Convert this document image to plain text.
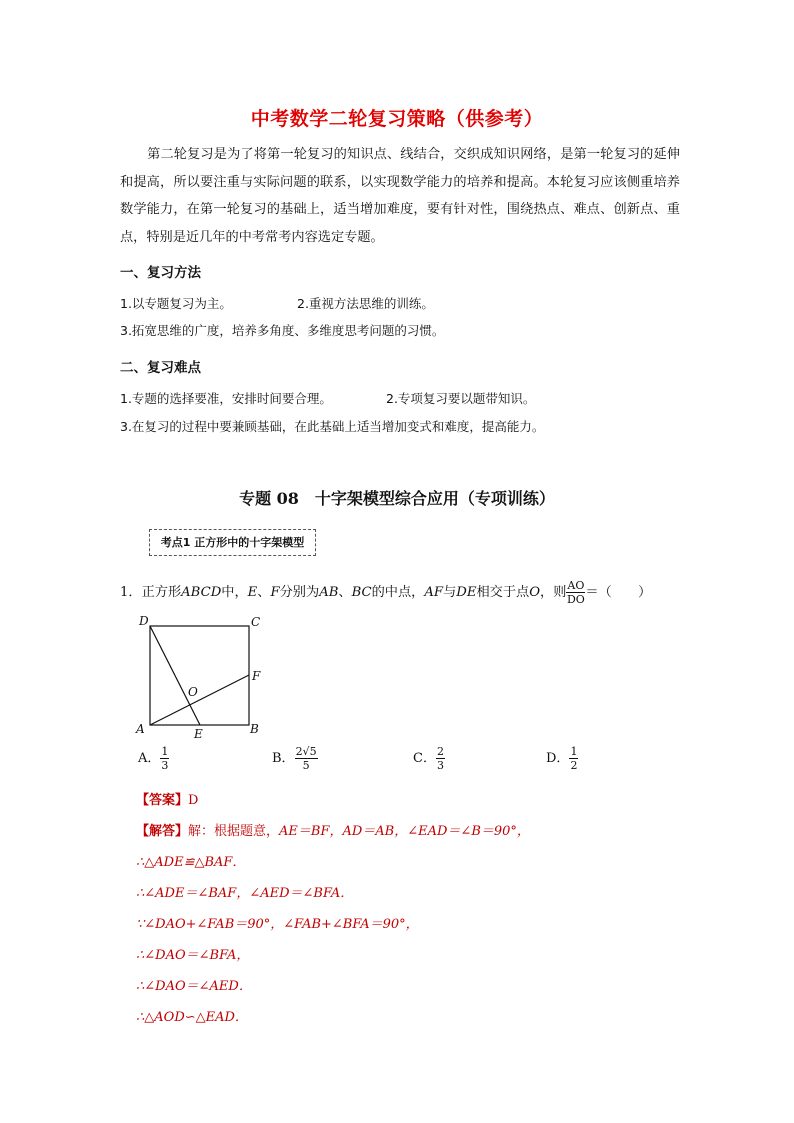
中考数学二轮复习策略（供参考）
第二轮复习是为了将第一轮复习的知识点、线结合，交织成知识网络，是第一轮复习的延伸和提高，所以要注重与实际问题的联系，以实现数学能力的培养和提高。本轮复习应该侧重培养数学能力，在第一轮复习的基础上，适当增加难度，要有针对性，围绕热点、难点、创新点、重点，特别是近几年的中考常考内容选定专题。
一、复习方法
1.以专题复习为主。	2.重视方法思维的训练。
3.拓宽思维的广度，培养多角度、多维度思考问题的习惯。
二、复习难点
1.专题的选择要准，安排时间要合理。	2.专项复习要以题带知识。
3.在复习的过程中要兼顾基础，在此基础上适当增加变式和难度，提高能力。
专题 08　十字架模型综合应用（专项训练）
考点1 正方形中的十字架模型
1．正方形ABCD中，E、F分别为AB、BC的中点，AF与DE相交于点O，则 $\frac{AO}{DO}$ ＝（　　）
D	C
F
O
A	E	B
A． $\frac{1}{3}$	B． $\frac{2√5}{5}$	C． $\frac{2}{3}$	D． $\frac{1}{2}$
【答案】D
【解答】解：根据题意，AE＝BF，AD＝AB，∠EAD＝∠B＝90°，
∴△ADE≌△BAF．
∴∠ADE＝∠BAF，∠AED＝∠BFA．
∵∠DAO+∠FAB＝90°，∠FAB+∠BFA＝90°，
∴∠DAO＝∠BFA，
∴∠DAO＝∠AED．
∴△AOD∽△EAD．
